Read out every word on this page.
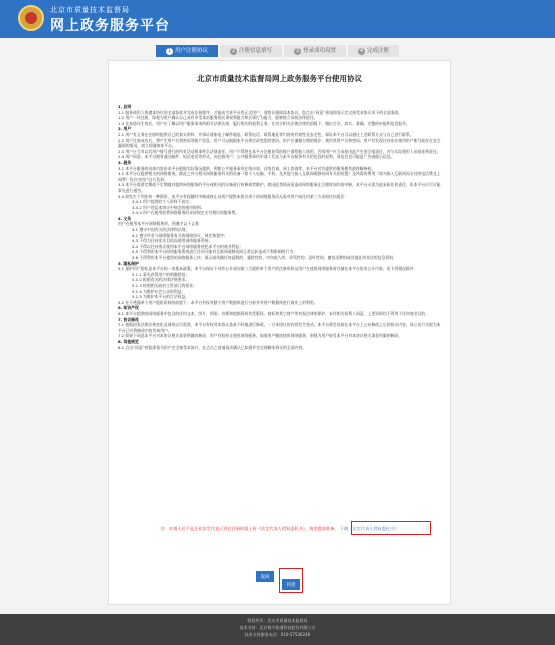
北京市质量技术监督局
网上政务服务平台
1 用户注册协议	2 注册信息填写	3 登录成功设置	4 完成注册
北京市质量技术监督局网上政务服务平台使用协议
1. 总则
1.1 服务使用人须遵本协议的全部条款并完成注册程序，才能成为本平台的正式用户。请您仔细阅读本协议，您点击“同意”按钮即表示完全接受本协议项下的全部条款。
1.2 用户一经注册，即视为用户确认自己具有享受本站服务的民事权利能力和民事行为能力，能够独立承担法律责任。
1.3 在本协议生效后，用户应了解以用户服务事项的相关法律法规，履行相应的权利义务；在符合相关法律法规的前提下，做出合法、真实、准确、完整的申报和信息报告。
2. 用户
2.1 用户有义务在注册时提供自己的真实资料，并保证诸如电子邮件地址、联系电话、联系地址等内容的有效性及安全性，保证本平台可以通过上述联系方式与自己进行联系。
2.2 用户注册成功后，将产生用户名和密码等账户信息，用户可以根据本平台规定改变您的密码。用户应谨慎合理的保存、使用其用户名和密码。用户若发现任何非法使用用户账号或存在安全漏洞的情况，请立即通知本平台。
2.3 用户应当对以其用户账号进行的所有活动和事件负法律责任。用户不得将在本平台注册获得的账户借给他人使用，否则用户应当承担由此产生的全部责任，并与实际使用人承担连带责任。
2.4 用户同意，本平台拥有通过邮件、短信电话等形式，向注册用户、公共服务事项申请人发送与本平台服务有关的信息的权利，该信息也可能是广告或提示信息。
3. 服务
3.1 本平台服务的具体内容由本平台根据实际情况提供，例如公共服务事项在线申请、在线咨询、网上查询等。本平台对其提供的服务拥有最终解释权。
3.2 本平台仅提供相关的网络服务，除此之外与相关网络服务有关的设备（如个人电脑、手机、及其他与接入互联网或移动网有关的装置）及所需的费用（如为接入互联网而支付的电话费及上网费）均应由用户自行负担。
3.3 本平台需要定期或不定期地对提供网络服务的平台或相关的设备进行检修或者维护，如因此类情况而造成网络服务在合理时间内的中断，本平台无需为此承担任何责任，但本平台应尽可能事先进行通告。
3.4 如发生下列任何一种情形，本平台有权随时中断或终止向用户提供本协议项下的网络服务而无需对用户或任何第三方承担任何责任：
3.4.1 用户提供的个人资料不真实；
3.4.2 用户违反本协议中规定的使用规则；
3.4.3 用户在使用收费网络服务时未按规定支付相应的服务费。
4. 义务
用户在使用本平台网络服务时，须遵守以下义务：
4.1 遵守中国有关的法律和法规；
4.2 遵守所有与网络服务有关的网络协议、规定和程序；
4.3 不得为任何非法目的而使用网络服务系统；
4.4 不得以任何形式使用本平台网络服务侵犯本平台的商业利益；
4.5 不得利用本平台网络服务系统进行任何可能对互联网或移动网正常运转造成不利影响的行为；
4.6 不得利用本平台提供的网络服务上传、展示或传播任何虚假的、骚扰性的、中伤他人的、辱骂性的、恐吓性的、庸俗淫秽的或其他任何非法的信息资料。
5. 隐私保护
5.1 保护用户隐私是本平台的一项基本政策，本平台保证不对外公开或向第三方提供单个用户的注册资料及用户在使用网络服务时存储在本平台的非公开内容，但下列情况除外：
5.1.1 事先获得用户的明确授权；
5.1.2 根据有关的法律法规要求；
5.1.3 按照相关政府主管部门的要求；
5.1.4 为维护社会公众的利益；
5.1.5 为维护本平台的合法权益。
5.2 在不透露单个用户隐私资料的前提下，本平台有权对整个用户数据库进行分析并对用户数据库进行商业上的利用。
6. 知识产权
6.1 本平台提供的网络服务中包含的任何文本、图片、图形、音频和视频资料均受版权、商标和其它财产所有权法律的保护，未经相关权利人同意，上述资料均不得用于任何商业目的。
7. 协议修改
7.1 根据国家法律法规变化及网络运行需要，本平台有权对本协议条款不时地进行修改。一旦本协议的内容发生变动，本平台将会直接在本平台上公布修改之后的协议内容，该公布行为视为本平台已经将修改内容告知用户。
7.2 如果不同意本平台对本协议相关条款所做的修改，用户有权停止使用网络服务。如果用户继续使用网络服务，则视为用户接受本平台对本协议相关条款所做的修改。
8. 其他规定
8.1 点击“同意”按钮即视为用户完全接受本协议，在点击之前请再次确认已知悉并完全理解本协议的全部内容。
注：申请人若不是企业法定代表人则在注册时需上传《法定代表人授权委托书》，请您提前准备。 下载《法定代表人授权委托书》
返回
同意
版权所有：北京市质量技术监督局
技术支持：北京数字政通科技股份有限公司
技术支持服务电话：010-57536248
